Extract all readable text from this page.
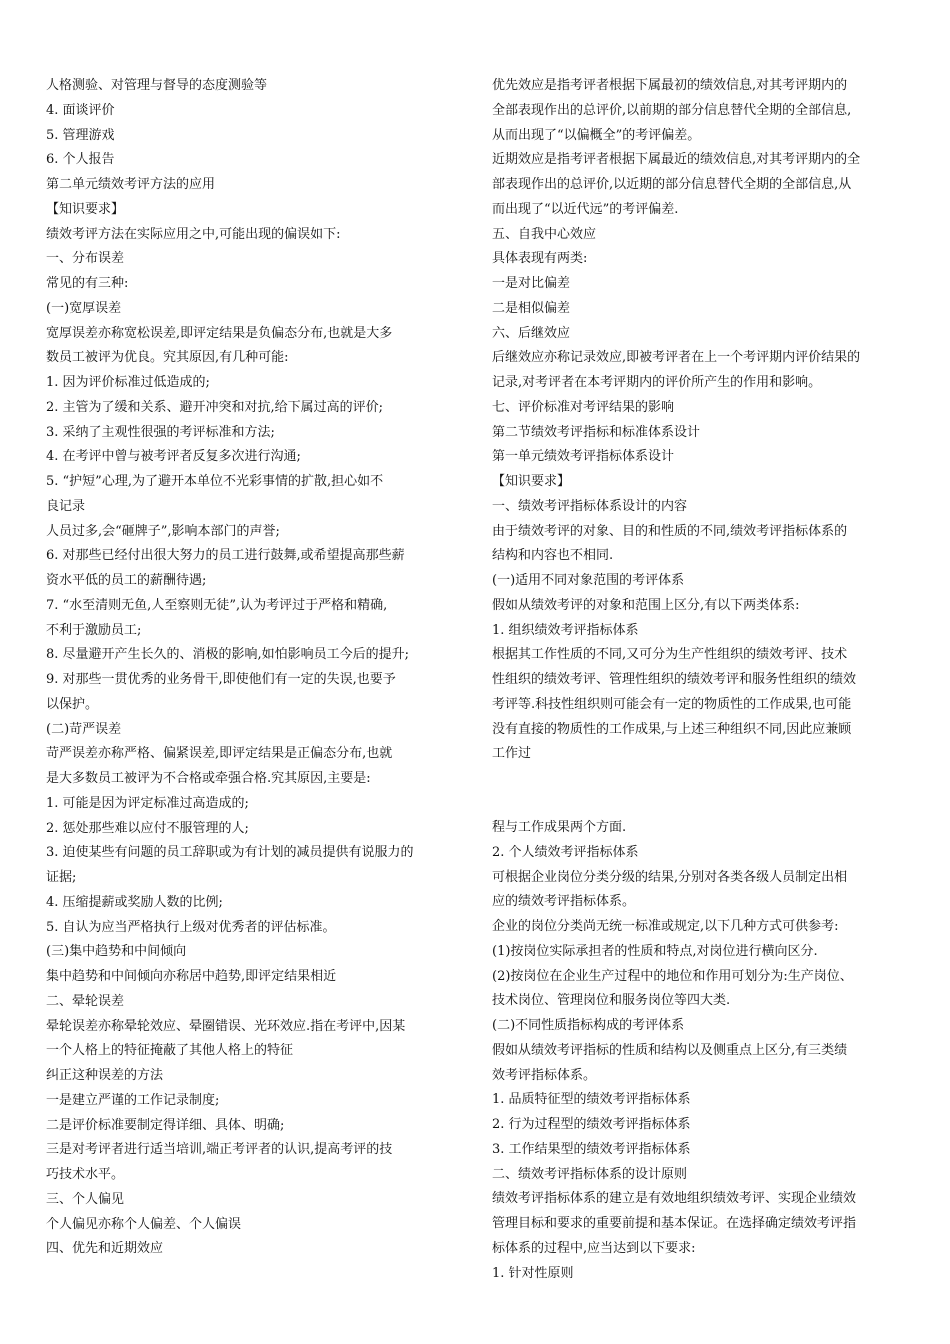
人格测验、对管理与督导的态度测验等
4. 面谈评价
5. 管理游戏
6. 个人报告
第二单元绩效考评方法的应用
【知识要求】
绩效考评方法在实际应用之中,可能出现的偏误如下:
一、分布误差
常见的有三种:
(一)宽厚误差
宽厚误差亦称宽松误差,即评定结果是负偏态分布,也就是大多
数员工被评为优良。究其原因,有几种可能:
1. 因为评价标准过低造成的;
2. 主管为了缓和关系、避开冲突和对抗,给下属过高的评价;
3. 采纳了主观性很强的考评标准和方法;
4. 在考评中曾与被考评者反复多次进行沟通;
5. “护短”心理,为了避开本单位不光彩事情的扩散,担心如不
良记录
人员过多,会“砸牌子”,影响本部门的声誉;
6. 对那些已经付出很大努力的员工进行鼓舞,或希望提高那些薪
资水平低的员工的薪酬待遇;
7. “水至清则无鱼,人至察则无徒”,认为考评过于严格和精确,
不利于激励员工;
8. 尽量避开产生长久的、消极的影响,如怕影响员工今后的提升;
9. 对那些一贯优秀的业务骨干,即使他们有一定的失误,也要予
以保护。
(二)苛严误差
苛严误差亦称严格、偏紧误差,即评定结果是正偏态分布,也就
是大多数员工被评为不合格或牵强合格.究其原因,主要是:
1. 可能是因为评定标准过高造成的;
2. 惩处那些难以应付不服管理的人;
3. 迫使某些有问题的员工辞职或为有计划的减员提供有说服力的
证据;
4. 压缩提薪或奖励人数的比例;
5. 自认为应当严格执行上级对优秀者的评估标准。
(三)集中趋势和中间倾向
集中趋势和中间倾向亦称居中趋势,即评定结果相近
二、晕轮误差
晕轮误差亦称晕轮效应、晕圈错误、光环效应.指在考评中,因某
一个人格上的特征掩蔽了其他人格上的特征
纠正这种误差的方法
一是建立严谨的工作记录制度;
二是评价标准要制定得详细、具体、明确;
三是对考评者进行适当培训,端正考评者的认识,提高考评的技
巧技术水平。
三、个人偏见
个人偏见亦称个人偏差、个人偏误
四、优先和近期效应
优先效应是指考评者根据下属最初的绩效信息,对其考评期内的
全部表现作出的总评价,以前期的部分信息替代全期的全部信息,
从而出现了“以偏概全”的考评偏差。
近期效应是指考评者根据下属最近的绩效信息,对其考评期内的全
部表现作出的总评价,以近期的部分信息替代全期的全部信息,从
而出现了“以近代远”的考评偏差.
五、自我中心效应
具体表现有两类:
一是对比偏差
二是相似偏差
六、后继效应
后继效应亦称记录效应,即被考评者在上一个考评期内评价结果的
记录,对考评者在本考评期内的评价所产生的作用和影响。
七、评价标准对考评结果的影响
第二节绩效考评指标和标准体系设计
第一单元绩效考评指标体系设计
【知识要求】
一、绩效考评指标体系设计的内容
由于绩效考评的对象、目的和性质的不同,绩效考评指标体系的
结构和内容也不相同.
(一)适用不同对象范围的考评体系
假如从绩效考评的对象和范围上区分,有以下两类体系:
1. 组织绩效考评指标体系
根据其工作性质的不同,又可分为生产性组织的绩效考评、技术
性组织的绩效考评、管理性组织的绩效考评和服务性组织的绩效
考评等.科技性组织则可能会有一定的物质性的工作成果,也可能
没有直接的物质性的工作成果,与上述三种组织不同,因此应兼顾
工作过
程与工作成果两个方面.
2. 个人绩效考评指标体系
可根据企业岗位分类分级的结果,分别对各类各级人员制定出相
应的绩效考评指标体系。
企业的岗位分类尚无统一标准或规定,以下几种方式可供参考:
(1)按岗位实际承担者的性质和特点,对岗位进行横向区分.
(2)按岗位在企业生产过程中的地位和作用可划分为:生产岗位、
技术岗位、管理岗位和服务岗位等四大类.
(二)不同性质指标构成的考评体系
假如从绩效考评指标的性质和结构以及侧重点上区分,有三类绩
效考评指标体系。
1. 品质特征型的绩效考评指标体系
2. 行为过程型的绩效考评指标体系
3. 工作结果型的绩效考评指标体系
二、绩效考评指标体系的设计原则
绩效考评指标体系的建立是有效地组织绩效考评、实现企业绩效
管理目标和要求的重要前提和基本保证。在选择确定绩效考评指
标体系的过程中,应当达到以下要求:
1. 针对性原则
